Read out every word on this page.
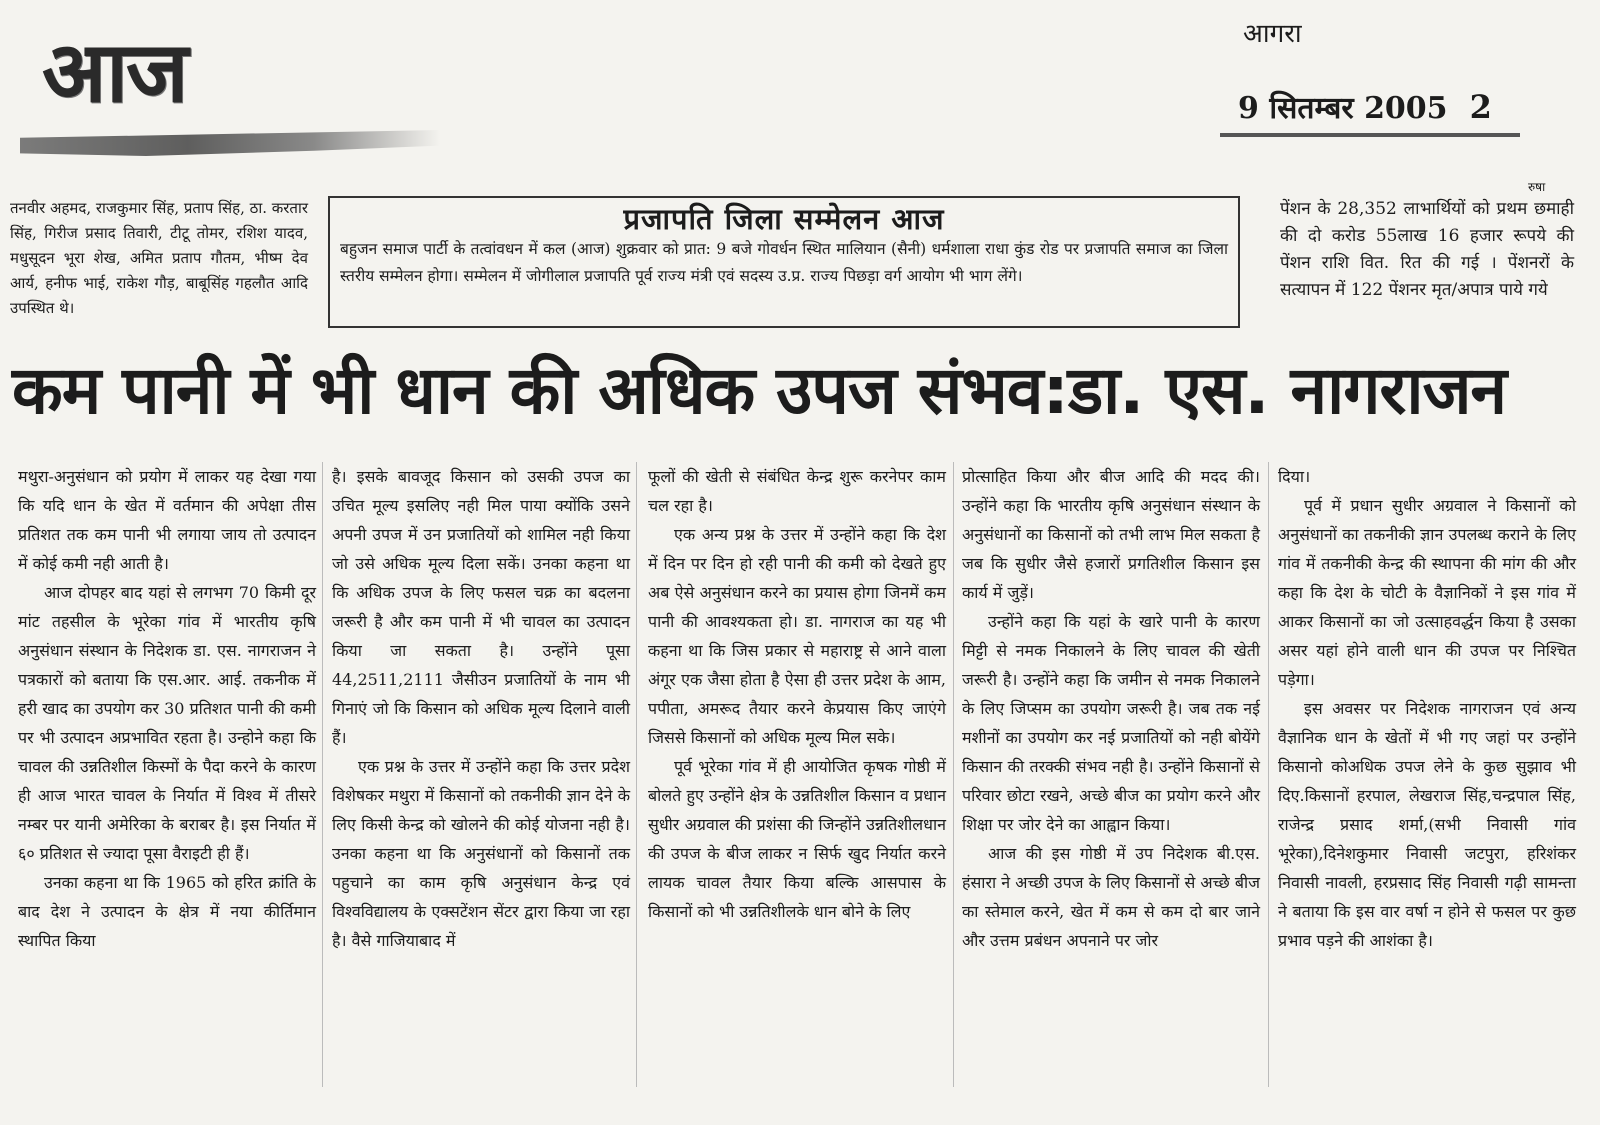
आज	आगरा
9 सितम्बर 2005 2
रुषा
तनवीर अहमद, राजकुमार सिंह, प्रताप सिंह, ठा. करतार सिंह, गिरीज प्रसाद तिवारी, टीटू तोमर, रशिश यादव, मधुसूदन भूरा शेख, अमित प्रताप गौतम, भीष्म देव आर्य, हनीफ भाई, राकेश गौड़, बाबूसिंह गहलौत आदि उपस्थित थे।
प्रजापति जिला सम्मेलन आज
बहुजन समाज पार्टी के तत्वांवधन में कल (आज) शुक्रवार को प्रात: 9 बजे गोवर्धन स्थित मालियान (सैनी) धर्मशाला राधा कुंड रोड पर प्रजापति समाज का जिला स्तरीय सम्मेलन होगा। सम्मेलन में जोगीलाल प्रजापति पूर्व राज्य मंत्री एवं सदस्य उ.प्र. राज्य पिछड़ा वर्ग आयोग भी भाग लेंगे।
पेंशन के 28,352 लाभार्थियों को प्रथम छमाही की दो करोड 55लाख 16 हजार रूपये की पेंशन राशि वित. रित की गई । पेंशनरों के सत्यापन में 122 पेंशनर मृत/अपात्र पाये गये
कम पानी में भी धान की अधिक उपज संभव:डा. एस. नागराजन

मथुरा-अनुसंधान को प्रयोग में लाकर यह देखा गया कि यदि धान के खेत में वर्तमान की अपेक्षा तीस प्रतिशत तक कम पानी भी लगाया जाय तो उत्पादन में कोई कमी नही आती है।

आज दोपहर बाद यहां से लगभग 70 किमी दूर मांट तहसील के भूरेका गांव में भारतीय कृषि अनुसंधान संस्थान के निदेशक डा. एस. नागराजन ने पत्रकारों को बताया कि एस.आर. आई. तकनीक में हरी खाद का उपयोग कर 30 प्रतिशत पानी की कमी पर भी उत्पादन अप्रभावित रहता है। उन्होने कहा कि चावल की उन्नतिशील किस्मों के पैदा करने के कारण ही आज भारत चावल के निर्यात में विश्व में तीसरे नम्बर पर यानी अमेरिका के बराबर है। इस निर्यात में ६० प्रतिशत से ज्यादा पूसा वैराइटी ही हैं।

उनका कहना था कि 1965 को हरित क्रांति के बाद देश ने उत्पादन के क्षेत्र में नया कीर्तिमान स्थापित किया

है। इसके बावजूद किसान को उसकी उपज का उचित मूल्य इसलिए नही मिल पाया क्योंकि उसने अपनी उपज में उन प्रजातियों को शामिल नही किया जो उसे अधिक मूल्य दिला सकें। उनका कहना था कि अधिक उपज के लिए फसल चक्र का बदलना जरूरी है और कम पानी में भी चावल का उत्पादन किया जा सकता है। उन्होंने पूसा 44,2511,2111 जैसीउन प्रजातियों के नाम भी गिनाएं जो कि किसान को अधिक मूल्य दिलाने वाली हैं।

एक प्रश्न के उत्तर में उन्होंने कहा कि उत्तर प्रदेश विशेषकर मथुरा में किसानों को तकनीकी ज्ञान देने के लिए किसी केन्द्र को खोलने की कोई योजना नही है। उनका कहना था कि अनुसंधानों को किसानों तक पहुचाने का काम कृषि अनुसंधान केन्द्र एवं विश्वविद्यालय के एक्सटेंशन सेंटर द्वारा किया जा रहा है। वैसे गाजियाबाद में

फूलों की खेती से संबंधित केन्द्र शुरू करनेपर काम चल रहा है।

एक अन्य प्रश्न के उत्तर में उन्होंने कहा कि देश में दिन पर दिन हो रही पानी की कमी को देखते हुए अब ऐसे अनुसंधान करने का प्रयास होगा जिनमें कम पानी की आवश्यकता हो। डा. नागराज का यह भी कहना था कि जिस प्रकार से महाराष्ट्र से आने वाला अंगूर एक जैसा होता है ऐसा ही उत्तर प्रदेश के आम, पपीता, अमरूद तैयार करने केप्रयास किए जाएंगे जिससे किसानों को अधिक मूल्य मिल सके।

पूर्व भूरेका गांव में ही आयोजित कृषक गोष्ठी में बोलते हुए उन्होंने क्षेत्र के उन्नतिशील किसान व प्रधान सुधीर अग्रवाल की प्रशंसा की जिन्होंने उन्नतिशीलधान की उपज के बीज लाकर न सिर्फ खुद निर्यात करने लायक चावल तैयार किया बल्कि आसपास के किसानों को भी उन्नतिशीलके धान बोने के लिए

प्रोत्साहित किया और बीज आदि की मदद की। उन्होंने कहा कि भारतीय कृषि अनुसंधान संस्थान के अनुसंधानों का किसानों को तभी लाभ मिल सकता है जब कि सुधीर जैसे हजारों प्रगतिशील किसान इस कार्य में जुड़ें।

उन्होंने कहा कि यहां के खारे पानी के कारण मिट्टी से नमक निकालने के लिए चावल की खेती जरूरी है। उन्होंने कहा कि जमीन से नमक निकालने के लिए जिप्सम का उपयोग जरूरी है। जब तक नई मशीनों का उपयोग कर नई प्रजातियों को नही बोयेंगे किसान की तरक्की संभव नही है। उन्होंने किसानों से परिवार छोटा रखने, अच्छे बीज का प्रयोग करने और शिक्षा पर जोर देने का आह्वान किया।

आज की इस गोष्ठी में उप निदेशक बी.एस. हंसारा ने अच्छी उपज के लिए किसानों से अच्छे बीज का स्तेमाल करने, खेत में कम से कम दो बार जाने और उत्तम प्रबंधन अपनाने पर जोर

दिया।

पूर्व में प्रधान सुधीर अग्रवाल ने किसानों को अनुसंधानों का तकनीकी ज्ञान उपलब्ध कराने के लिए गांव में तकनीकी केन्द्र की स्थापना की मांग की और कहा कि देश के चोटी के वैज्ञानिकों ने इस गांव में आकर किसानों का जो उत्साहवर्द्धन किया है उसका असर यहां होने वाली धान की उपज पर निश्चित पड़ेगा।

इस अवसर पर निदेशक नागराजन एवं अन्य वैज्ञानिक धान के खेतों में भी गए जहां पर उन्होंने किसानो कोअधिक उपज लेने के कुछ सुझाव भी दिए.किसानों हरपाल, लेखराज सिंह,चन्द्रपाल सिंह, राजेन्द्र प्रसाद शर्मा,(सभी निवासी गांव भूरेका),दिनेशकुमार निवासी जटपुरा, हरिशंकर निवासी नावली, हरप्रसाद सिंह निवासी गढ़ी सामन्ता ने बताया कि इस वार वर्षा न होने से फसल पर कुछ प्रभाव पड़ने की आशंका है।
